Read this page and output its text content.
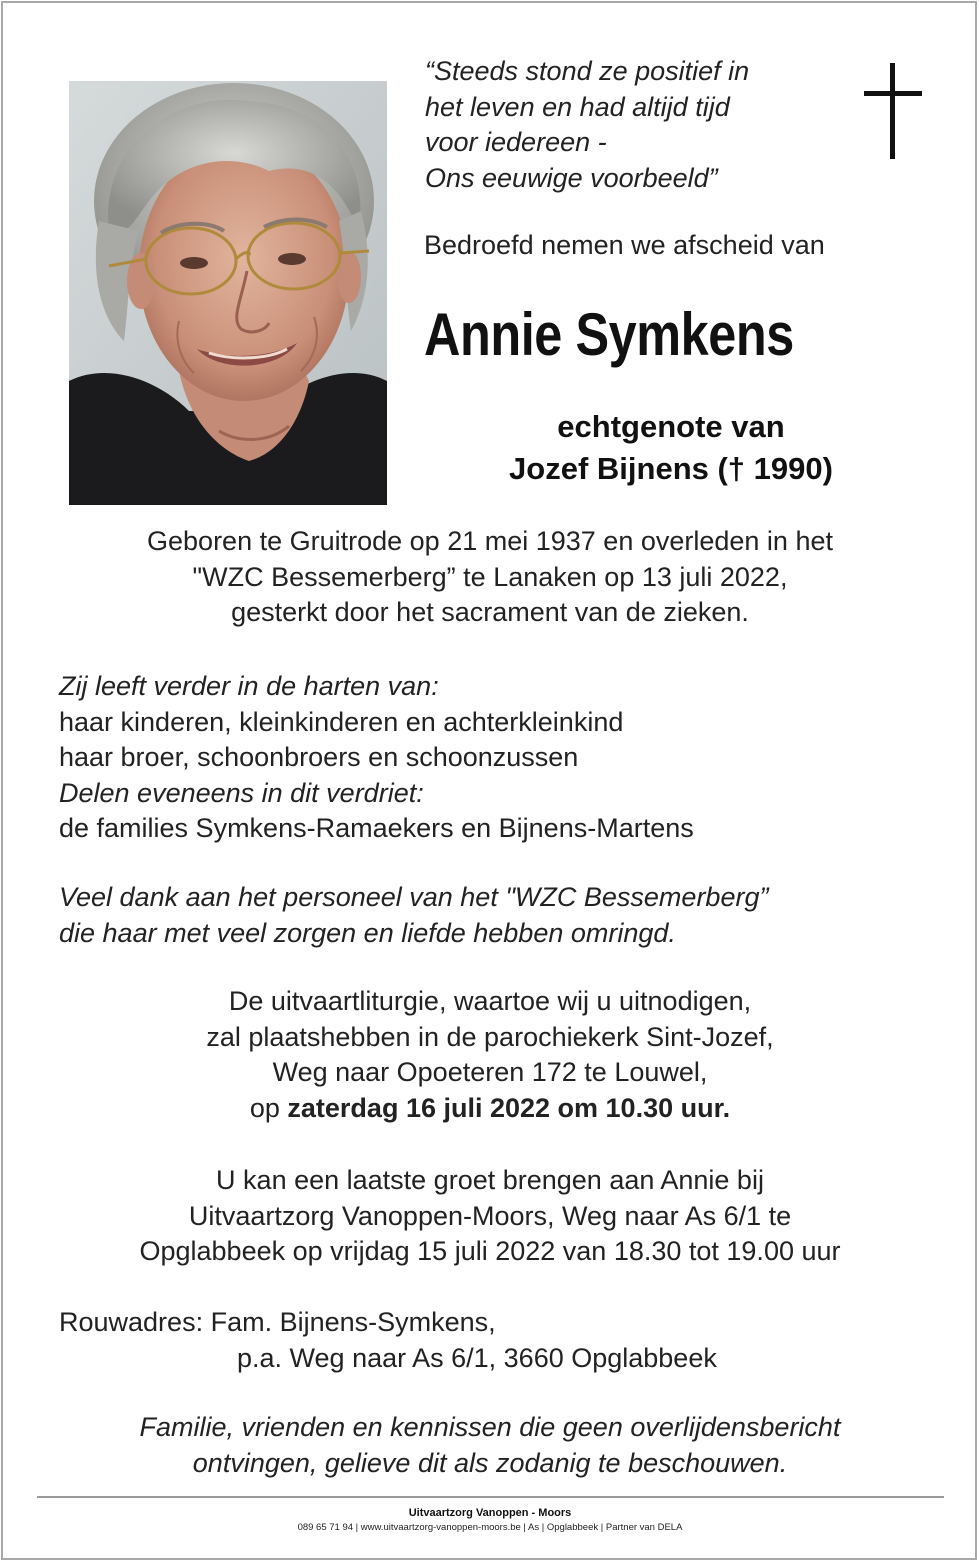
“Steeds stond ze positief in
het leven en had altijd tijd
voor iedereen -
Ons eeuwige voorbeeld”
Bedroefd nemen we afscheid van
Annie Symkens
echtgenote van
Jozef Bijnens († 1990)
Geboren te Gruitrode op 21 mei 1937 en overleden in het
"WZC Bessemerberg” te Lanaken op 13 juli 2022,
gesterkt door het sacrament van de zieken.
Zij leeft verder in de harten van:
haar kinderen, kleinkinderen en achterkleinkind
haar broer, schoonbroers en schoonzussen
Delen eveneens in dit verdriet:
de families Symkens-Ramaekers en Bijnens-Martens
Veel dank aan het personeel van het "WZC Bessemerberg”
die haar met veel zorgen en liefde hebben omringd.
De uitvaartliturgie, waartoe wij u uitnodigen,
zal plaatshebben in de parochiekerk Sint-Jozef,
Weg naar Opoeteren 172 te Louwel,
op zaterdag 16 juli 2022 om 10.30 uur.
U kan een laatste groet brengen aan Annie bij
Uitvaartzorg Vanoppen-Moors, Weg naar As 6/1 te
Opglabbeek op vrijdag 15 juli 2022 van 18.30 tot 19.00 uur
Rouwadres: Fam. Bijnens-Symkens,
p.a. Weg naar As 6/1, 3660 Opglabbeek
Familie, vrienden en kennissen die geen overlijdensbericht
ontvingen, gelieve dit als zodanig te beschouwen.
Uitvaartzorg Vanoppen - Moors
089 65 71 94 | www.uitvaartzorg-vanoppen-moors.be | As | Opglabbeek | Partner van DELA
